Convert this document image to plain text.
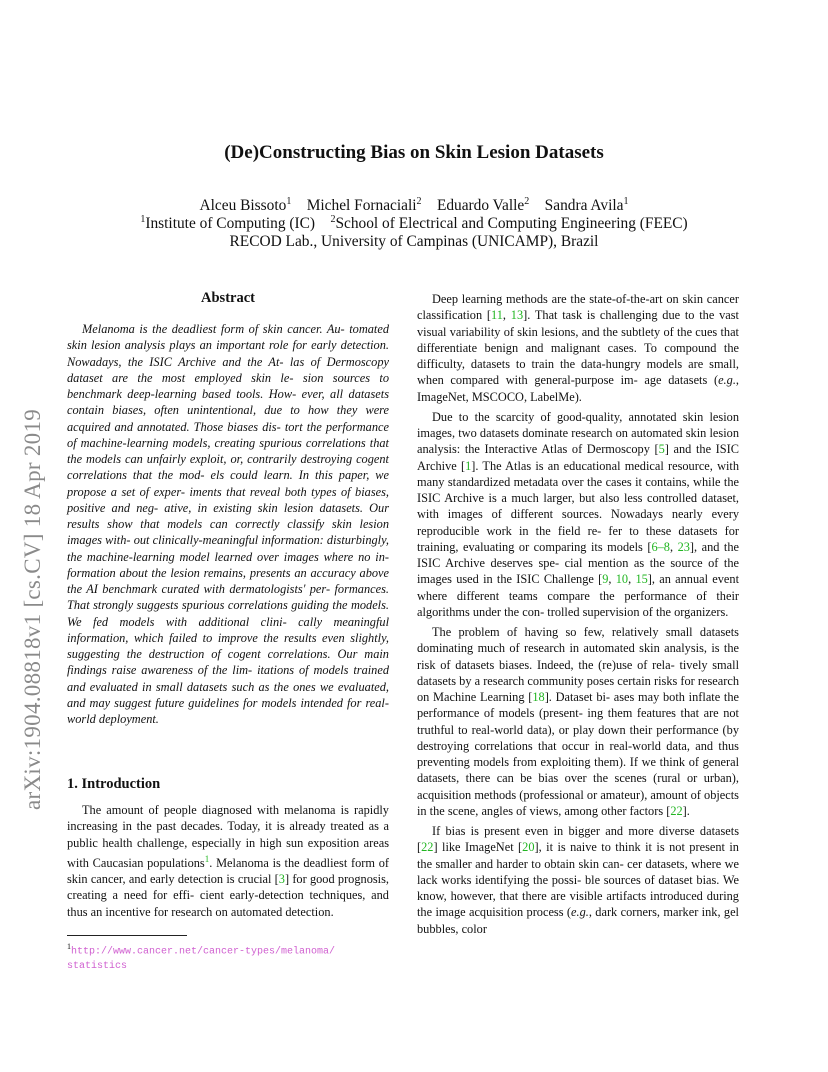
arXiv:1904.08818v1 [cs.CV] 18 Apr 2019
(De)Constructing Bias on Skin Lesion Datasets
Alceu Bissoto$^1$ Michel Fornaciali$^2$ Eduardo Valle$^2$ Sandra Avila$^1$
$^1$Institute of Computing (IC) $^2$School of Electrical and Computing Engineering (FEEC)
RECOD Lab., University of Campinas (UNICAMP), Brazil
Abstract

Melanoma is the deadliest form of skin cancer. Au- tomated skin lesion analysis plays an important role for early detection. Nowadays, the ISIC Archive and the At- las of Dermoscopy dataset are the most employed skin le- sion sources to benchmark deep-learning based tools. How- ever, all datasets contain biases, often unintentional, due to how they were acquired and annotated. Those biases dis- tort the performance of machine-learning models, creating spurious correlations that the models can unfairly exploit, or, contrarily destroying cogent correlations that the mod- els could learn. In this paper, we propose a set of exper- iments that reveal both types of biases, positive and neg- ative, in existing skin lesion datasets. Our results show that models can correctly classify skin lesion images with- out clinically-meaningful information: disturbingly, the machine-learning model learned over images where no in- formation about the lesion remains, presents an accuracy above the AI benchmark curated with dermatologists' per- formances. That strongly suggests spurious correlations guiding the models. We fed models with additional clini- cally meaningful information, which failed to improve the results even slightly, suggesting the destruction of cogent correlations. Our main findings raise awareness of the lim- itations of models trained and evaluated in small datasets such as the ones we evaluated, and may suggest future guidelines for models intended for real-world deployment.

1. Introduction

The amount of people diagnosed with melanoma is rapidly increasing in the past decades. Today, it is already treated as a public health challenge, especially in high sun exposition areas with Caucasian populations$^1$. Melanoma is the deadliest form of skin cancer, and early detection is crucial [3] for good prognosis, creating a need for effi- cient early-detection techniques, and thus an incentive for research on automated detection.

$^1$http://www.cancer.net/cancer-types/melanoma/
statistics

Deep learning methods are the state-of-the-art on skin cancer classification [11, 13]. That task is challenging due to the vast visual variability of skin lesions, and the subtlety of the cues that differentiate benign and malignant cases. To compound the difficulty, datasets to train the data-hungry models are small, when compared with general-purpose im- age datasets (e.g., ImageNet, MSCOCO, LabelMe).

Due to the scarcity of good-quality, annotated skin lesion images, two datasets dominate research on automated skin lesion analysis: the Interactive Atlas of Dermoscopy [5] and the ISIC Archive [1]. The Atlas is an educational medical resource, with many standardized metadata over the cases it contains, while the ISIC Archive is a much larger, but also less controlled dataset, with images of different sources. Nowadays nearly every reproducible work in the field re- fer to these datasets for training, evaluating or comparing its models [6–8, 23], and the ISIC Archive deserves spe- cial mention as the source of the images used in the ISIC Challenge [9, 10, 15], an annual event where different teams compare the performance of their algorithms under the con- trolled supervision of the organizers.

The problem of having so few, relatively small datasets dominating much of research in automated skin analysis, is the risk of datasets biases. Indeed, the (re)use of rela- tively small datasets by a research community poses certain risks for research on Machine Learning [18]. Dataset bi- ases may both inflate the performance of models (present- ing them features that are not truthful to real-world data), or play down their performance (by destroying correlations that occur in real-world data, and thus preventing models from exploiting them). If we think of general datasets, there can be bias over the scenes (rural or urban), acquisition methods (professional or amateur), amount of objects in the scene, angles of views, among other factors [22].

If bias is present even in bigger and more diverse datasets [22] like ImageNet [20], it is naive to think it is not present in the smaller and harder to obtain skin can- cer datasets, where we lack works identifying the possi- ble sources of dataset bias. We know, however, that there are visible artifacts introduced during the image acquisition process (e.g., dark corners, marker ink, gel bubbles, color
